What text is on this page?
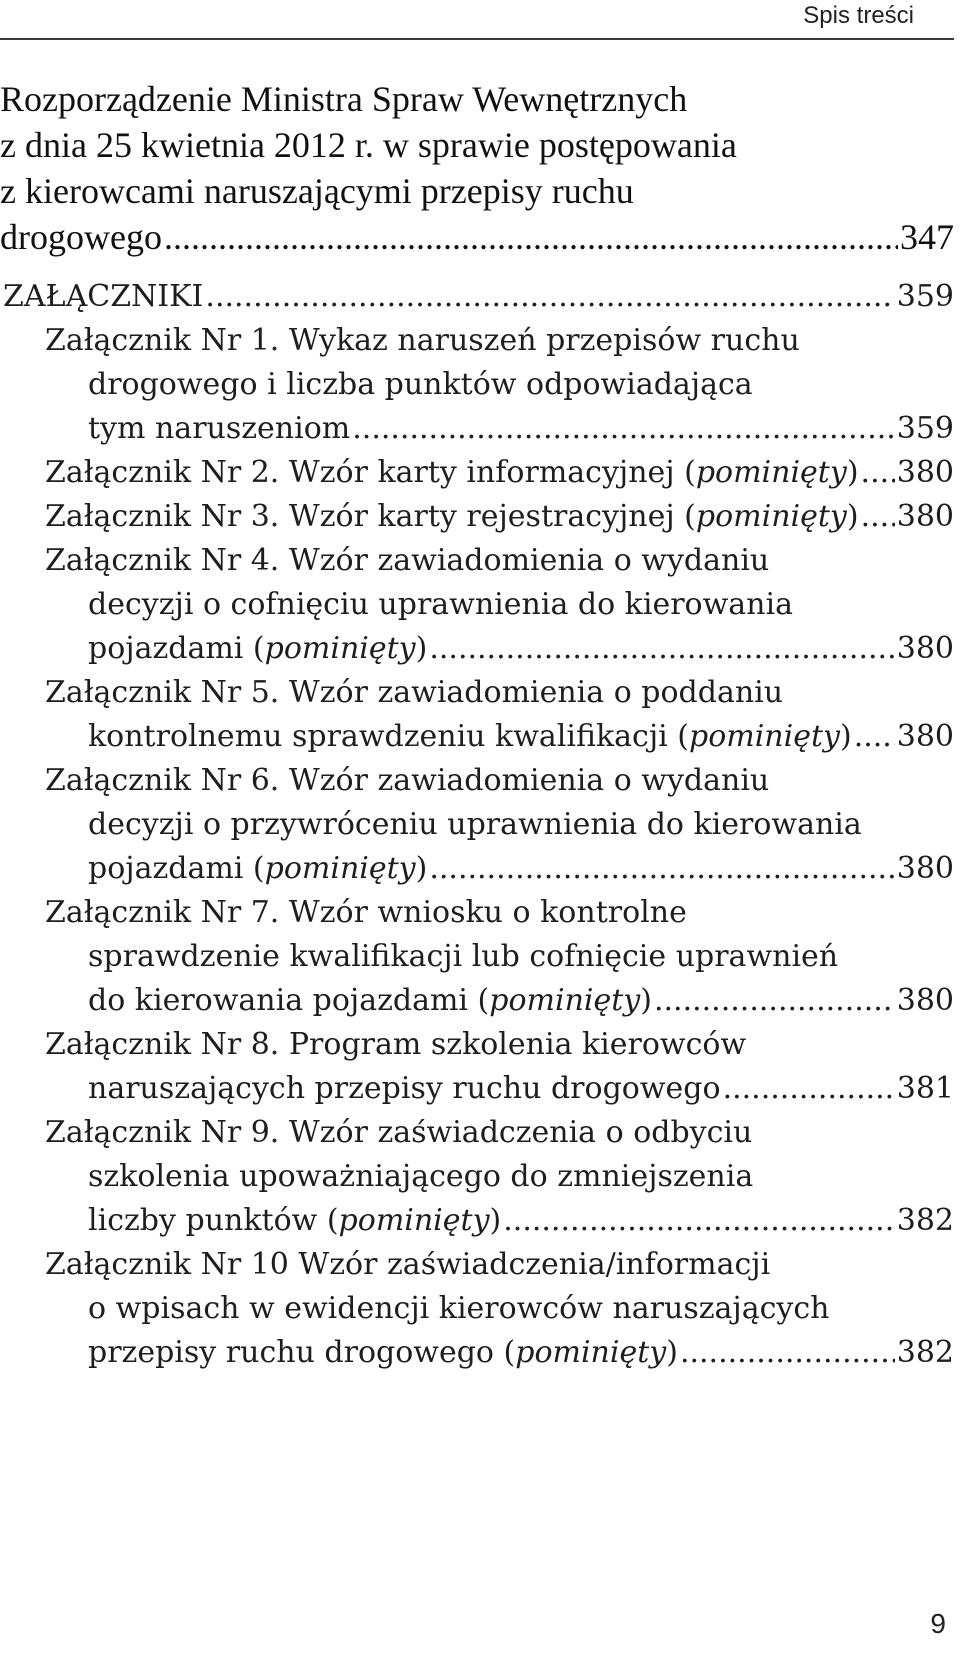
Spis treści
Rozporządzenie Ministra Spraw Wewnętrznych
z dnia 25 kwietnia 2012 r. w sprawie postępowania
z kierowcami naruszającymi przepisy ruchu
drogowego .....	347
ZAŁĄCZNIKI .....	359
Załącznik Nr 1. Wykaz naruszeń przepisów ruchu
drogowego i liczba punktów odpowiadająca
tym naruszeniom .....	359
Załącznik Nr 2. Wzór karty informacyjnej ( pominięty ) ..... 380
Załącznik Nr 3. Wzór karty rejestracyjnej ( pominięty ) ..... 380
Załącznik Nr 4. Wzór zawiadomienia o wydaniu
decyzji o cofnięciu uprawnienia do kierowania
pojazdami ( pominięty ) .....	380
Załącznik Nr 5. Wzór zawiadomienia o poddaniu
kontrolnemu sprawdzeniu kwalifikacji ( pominięty ) ..... 380
Załącznik Nr 6. Wzór zawiadomienia o wydaniu
decyzji o przywróceniu uprawnienia do kierowania
pojazdami ( pominięty ) .....	380
Załącznik Nr 7. Wzór wniosku o kontrolne
sprawdzenie kwalifikacji lub cofnięcie uprawnień
do kierowania pojazdami ( pominięty ) .....	380
Załącznik Nr 8. Program szkolenia kierowców
naruszających przepisy ruchu drogowego .....	381
Załącznik Nr 9. Wzór zaświadczenia o odbyciu
szkolenia upoważniającego do zmniejszenia
liczby punktów ( pominięty ) .....	382
Załącznik Nr 10 Wzór zaświadczenia/informacji
o wpisach w ewidencji kierowców naruszających
przepisy ruchu drogowego ( pominięty ) .....	382
9
